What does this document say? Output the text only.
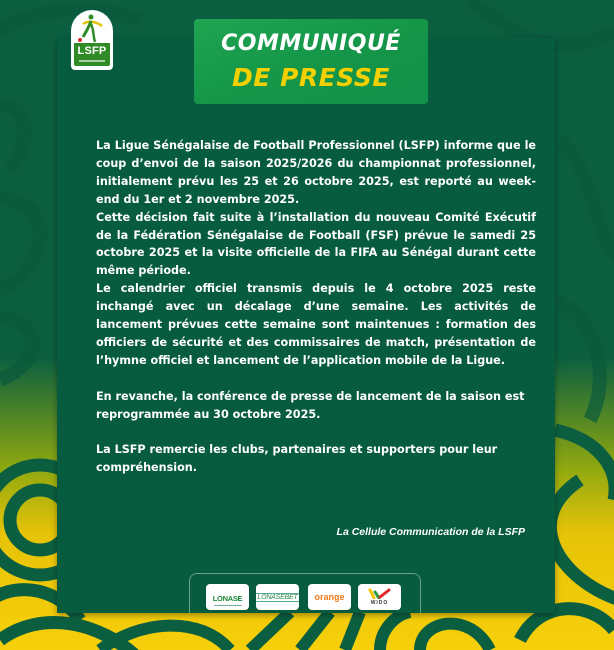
LSFP	COMMUNIQUÉ
DE PRESSE

La Ligue Sénégalaise de Football Professionnel (LSFP) informe que le coup d’envoi de la saison 2025/2026 du championnat professionnel, initialement prévu les 25 et 26 octobre 2025, est reporté au week-end du 1er et 2 novembre 2025.

Cette décision fait suite à l’installation du nouveau Comité Exécutif de la Fédération Sénégalaise de Football (FSF) prévue le samedi 25 octobre 2025 et la visite officielle de la FIFA au Sénégal durant cette même période.

Le calendrier officiel transmis depuis le 4 octobre 2025 reste inchangé avec un décalage d’une semaine. Les activités de lancement prévues cette semaine sont maintenues : formation des officiers de sécurité et des commissaires de match, présentation de l’hymne officiel et lancement de l’application mobile de la Ligue.

En revanche, la conférence de presse de lancement de la saison est reprogrammée au 30 octobre 2025.

La LSFP remercie les clubs, partenaires et supporters pour leur compréhension.

La Cellule Communication de la LSFP
LONASE	LONASEBET	orange
WIDO
